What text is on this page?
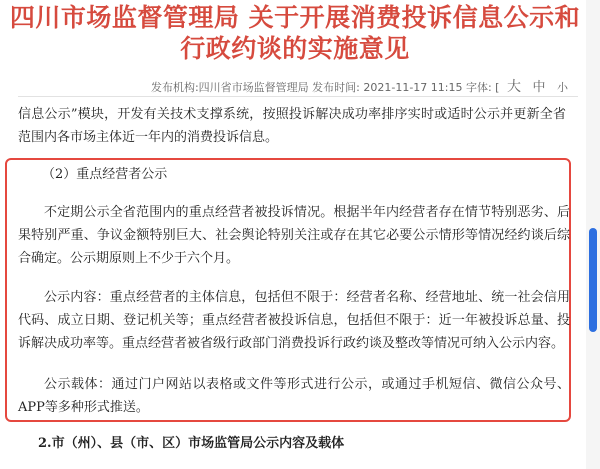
四川市场监督管理局 关于开展消费投诉信息公示和行政约谈的实施意见
发布机构:四川省市场监督管理局 发布时间: 2021-11-17 11:15 字体: [ 大 中 小

信息公示”模块，开发有关技术支撑系统，按照投诉解决成功率排序实时或适时公示并更新全省范围内各市场主体近一年内的消费投诉信息。

（2）重点经营者公示

不定期公示全省范围内的重点经营者被投诉情况。根据半年内经营者存在情节特别恶劣、后果特别严重、争议金额特别巨大、社会舆论特别关注或存在其它必要公示情形等情况经约谈后综合确定。公示期原则上不少于六个月。

公示内容：重点经营者的主体信息，包括但不限于：经营者名称、经营地址、统一社会信用代码、成立日期、登记机关等；重点经营者被投诉信息，包括但不限于：近一年被投诉总量、投诉解决成功率等。重点经营者被省级行政部门消费投诉行政约谈及整改等情况可纳入公示内容。

公示载体：通过门户网站以表格或文件等形式进行公示，或通过手机短信、微信公众号、APP等多种形式推送。

2.市（州）、县（市、区）市场监管局公示内容及载体
